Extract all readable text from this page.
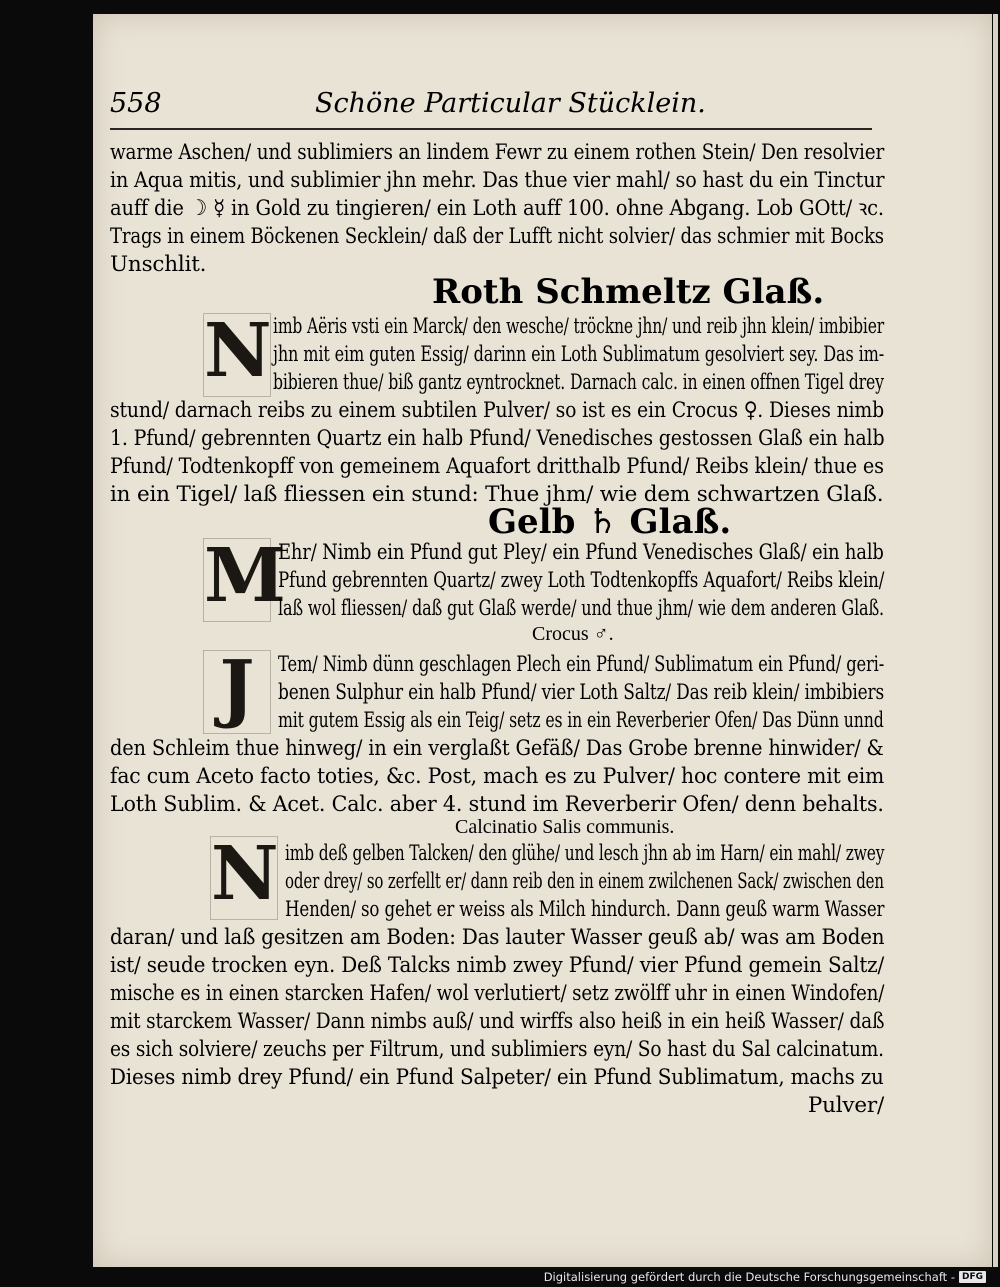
558	Schöne Particular Stücklein.
warme Aschen/ und sublimiers an lindem Fewr zu einem rothen Stein/ Den resolvier
in Aqua mitis, und sublimier jhn mehr. Das thue vier mahl/ so hast du ein Tinctur
auff die ☽ ☿ in Gold zu tingieren/ ein Loth auff 100. ohne Abgang. Lob GOtt/ ꝛc.
Trags in einem Böckenen Secklein/ daß der Lufft nicht solvier/ das schmier mit Bocks
Unschlit.
Roth Schmeltz Glaß.
N imb Aëris vsti ein Marck/ den wesche/ tröckne jhn/ und reib jhn klein/ imbibier
jhn mit eim guten Essig/ darinn ein Loth Sublimatum gesolviert sey. Das im-
bibieren thue/ biß gantz eyntrocknet. Darnach calc. in einen offnen Tigel drey
stund/ darnach reibs zu einem subtilen Pulver/ so ist es ein Crocus ♀. Dieses nimb
1. Pfund/ gebrennten Quartz ein halb Pfund/ Venedisches gestossen Glaß ein halb
Pfund/ Todtenkopff von gemeinem Aquafort dritthalb Pfund/ Reibs klein/ thue es
in ein Tigel/ laß fliessen ein stund: Thue jhm/ wie dem schwartzen Glaß.
Gelb ♄ Glaß.
M
Ehr/ Nimb ein Pfund gut Pley/ ein Pfund Venedisches Glaß/ ein halb
Pfund gebrennten Quartz/ zwey Loth Todtenkopffs Aquafort/ Reibs klein/
laß wol fliessen/ daß gut Glaß werde/ und thue jhm/ wie dem anderen Glaß.
Crocus ♂.
J	Tem/ Nimb dünn geschlagen Plech ein Pfund/ Sublimatum ein Pfund/ geri-
benen Sulphur ein halb Pfund/ vier Loth Saltz/ Das reib klein/ imbibiers
mit gutem Essig als ein Teig/ setz es in ein Reverberier Ofen/ Das Dünn unnd
den Schleim thue hinweg/ in ein verglaßt Gefäß/ Das Grobe brenne hinwider/ &
fac cum Aceto facto toties, &c. Post, mach es zu Pulver/ hoc contere mit eim
Loth Sublim. & Acet. Calc. aber 4. stund im Reverberir Ofen/ denn behalts.
Calcinatio Salis communis.
N imb deß gelben Talcken/ den glühe/ und lesch jhn ab im Harn/ ein mahl/ zwey
oder drey/ so zerfellt er/ dann reib den in einem zwilchenen Sack/ zwischen den
Henden/ so gehet er weiss als Milch hindurch. Dann geuß warm Wasser
daran/ und laß gesitzen am Boden: Das lauter Wasser geuß ab/ was am Boden
ist/ seude trocken eyn. Deß Talcks nimb zwey Pfund/ vier Pfund gemein Saltz/
mische es in einen starcken Hafen/ wol verlutiert/ setz zwölff uhr in einen Windofen/
mit starckem Wasser/ Dann nimbs auß/ und wirffs also heiß in ein heiß Wasser/ daß
es sich solviere/ zeuchs per Filtrum, und sublimiers eyn/ So hast du Sal calcinatum.
Dieses nimb drey Pfund/ ein Pfund Salpeter/ ein Pfund Sublimatum, machs zu
Pulver/
Digitalisierung gefördert durch die Deutsche Forschungsgemeinschaft - DFG
